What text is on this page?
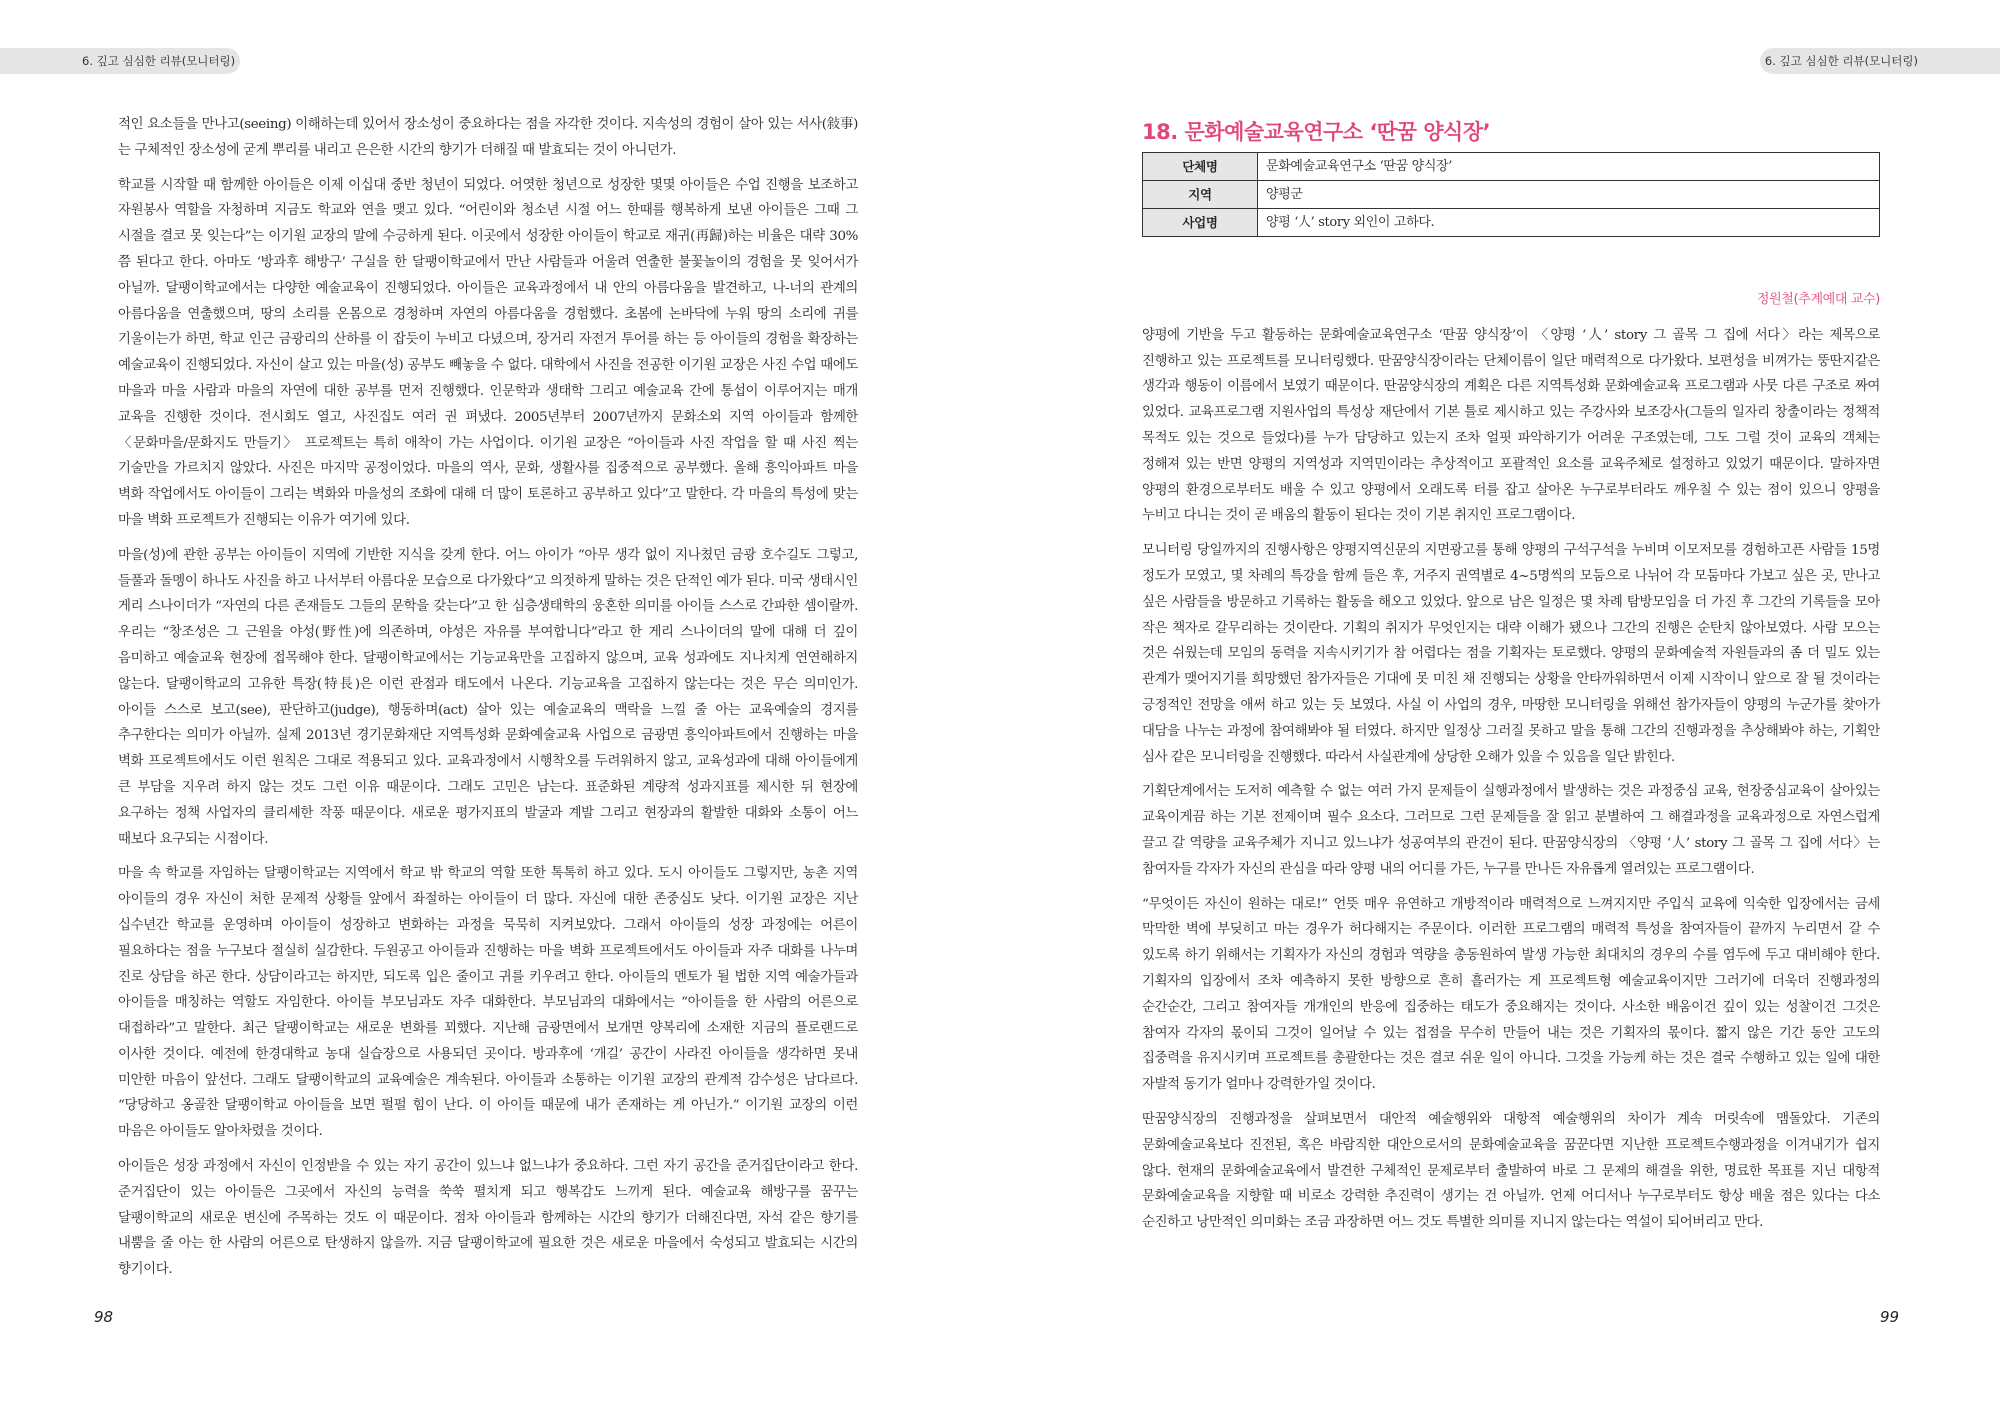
6. 깊고 심심한 리뷰(모니터링)	6. 깊고 심심한 리뷰(모니터링)

적인 요소들을 만나고(seeing) 이해하는데 있어서 장소성이 중요하다는 점을 자각한 것이다. 지속성의 경험이 살아 있는 서사(敍事)는 구체적인 장소성에 굳게 뿌리를 내리고 은은한 시간의 향기가 더해질 때 발효되는 것이 아니던가.

학교를 시작할 때 함께한 아이들은 이제 이십대 중반 청년이 되었다. 어엿한 청년으로 성장한 몇몇 아이들은 수업 진행을 보조하고 자원봉사 역할을 자청하며 지금도 학교와 연을 맺고 있다. “어린이와 청소년 시절 어느 한때를 행복하게 보낸 아이들은 그때 그 시절을 결코 못 잊는다”는 이기원 교장의 말에 수긍하게 된다. 이곳에서 성장한 아이들이 학교로 재귀(再歸)하는 비율은 대략 30%쯤 된다고 한다. 아마도 ‘방과후 해방구’ 구실을 한 달팽이학교에서 만난 사람들과 어울려 연출한 불꽃놀이의 경험을 못 잊어서가 아닐까. 달팽이학교에서는 다양한 예술교육이 진행되었다. 아이들은 교육과정에서 내 안의 아름다움을 발견하고, 나-너의 관계의 아름다움을 연출했으며, 땅의 소리를 온몸으로 경청하며 자연의 아름다움을 경험했다. 초봄에 논바닥에 누워 땅의 소리에 귀를 기울이는가 하면, 학교 인근 금광리의 산하를 이 잡듯이 누비고 다녔으며, 장거리 자전거 투어를 하는 등 아이들의 경험을 확장하는 예술교육이 진행되었다. 자신이 살고 있는 마을(성) 공부도 빼놓을 수 없다. 대학에서 사진을 전공한 이기원 교장은 사진 수업 때에도 마을과 마을 사람과 마을의 자연에 대한 공부를 먼저 진행했다. 인문학과 생태학 그리고 예술교육 간에 통섭이 이루어지는 매개 교육을 진행한 것이다. 전시회도 열고, 사진집도 여러 권 펴냈다. 2005년부터 2007년까지 문화소외 지역 아이들과 함께한 〈문화마을/문화지도 만들기〉 프로젝트는 특히 애착이 가는 사업이다. 이기원 교장은 “아이들과 사진 작업을 할 때 사진 찍는 기술만을 가르치지 않았다. 사진은 마지막 공정이었다. 마을의 역사, 문화, 생활사를 집중적으로 공부했다. 올해 흥익아파트 마을 벽화 작업에서도 아이들이 그리는 벽화와 마을성의 조화에 대해 더 많이 토론하고 공부하고 있다”고 말한다. 각 마을의 특성에 맞는 마을 벽화 프로젝트가 진행되는 이유가 여기에 있다.

마을(성)에 관한 공부는 아이들이 지역에 기반한 지식을 갖게 한다. 어느 아이가 “아무 생각 없이 지나쳤던 금광 호수길도 그렇고, 들풀과 돌멩이 하나도 사진을 하고 나서부터 아름다운 모습으로 다가왔다”고 의젓하게 말하는 것은 단적인 예가 된다. 미국 생태시인 게리 스나이더가 “자연의 다른 존재들도 그들의 문학을 갖는다”고 한 심층생태학의 웅혼한 의미를 아이들 스스로 간파한 셈이랄까. 우리는 “창조성은 그 근원을 야성(野性)에 의존하며, 야성은 자유를 부여합니다”라고 한 게리 스나이더의 말에 대해 더 깊이 음미하고 예술교육 현장에 접목해야 한다. 달팽이학교에서는 기능교육만을 고집하지 않으며, 교육 성과에도 지나치게 연연해하지 않는다. 달팽이학교의 고유한 특장(特長)은 이런 관점과 태도에서 나온다. 기능교육을 고집하지 않는다는 것은 무슨 의미인가. 아이들 스스로 보고(see), 판단하고(judge), 행동하며(act) 살아 있는 예술교육의 맥락을 느낄 줄 아는 교육예술의 경지를 추구한다는 의미가 아닐까. 실제 2013년 경기문화재단 지역특성화 문화예술교육 사업으로 금광면 흥익아파트에서 진행하는 마을 벽화 프로젝트에서도 이런 원칙은 그대로 적용되고 있다. 교육과정에서 시행착오를 두려워하지 않고, 교육성과에 대해 아이들에게 큰 부담을 지우려 하지 않는 것도 그런 이유 때문이다. 그래도 고민은 남는다. 표준화된 계량적 성과지표를 제시한 뒤 현장에 요구하는 정책 사업자의 클리셰한 작풍 때문이다. 새로운 평가지표의 발굴과 계발 그리고 현장과의 활발한 대화와 소통이 어느 때보다 요구되는 시점이다.

마을 속 학교를 자임하는 달팽이학교는 지역에서 학교 밖 학교의 역할 또한 톡톡히 하고 있다. 도시 아이들도 그렇지만, 농촌 지역 아이들의 경우 자신이 처한 문제적 상황들 앞에서 좌절하는 아이들이 더 많다. 자신에 대한 존중심도 낮다. 이기원 교장은 지난 십수년간 학교를 운영하며 아이들이 성장하고 변화하는 과정을 묵묵히 지켜보았다. 그래서 아이들의 성장 과정에는 어른이 필요하다는 점을 누구보다 절실히 실감한다. 두원공고 아이들과 진행하는 마을 벽화 프로젝트에서도 아이들과 자주 대화를 나누며 진로 상담을 하곤 한다. 상담이라고는 하지만, 되도록 입은 줄이고 귀를 키우려고 한다. 아이들의 멘토가 될 법한 지역 예술가들과 아이들을 매칭하는 역할도 자임한다. 아이들 부모님과도 자주 대화한다. 부모님과의 대화에서는 “아이들을 한 사람의 어른으로 대접하라”고 말한다. 최근 달팽이학교는 새로운 변화를 꾀했다. 지난해 금광면에서 보개면 양복리에 소재한 지금의 플로랜드로 이사한 것이다. 예전에 한경대학교 농대 실습장으로 사용되던 곳이다. 방과후에 ‘개길’ 공간이 사라진 아이들을 생각하면 못내 미안한 마음이 앞선다. 그래도 달팽이학교의 교육예술은 계속된다. 아이들과 소통하는 이기원 교장의 관계적 감수성은 남다르다. “당당하고 옹골찬 달팽이학교 아이들을 보면 펄펄 힘이 난다. 이 아이들 때문에 내가 존재하는 게 아닌가.” 이기원 교장의 이런 마음은 아이들도 알아차렸을 것이다.

아이들은 성장 과정에서 자신이 인정받을 수 있는 자기 공간이 있느냐 없느냐가 중요하다. 그런 자기 공간을 준거집단이라고 한다. 준거집단이 있는 아이들은 그곳에서 자신의 능력을 쑥쑥 펼치게 되고 행복감도 느끼게 된다. 예술교육 해방구를 꿈꾸는 달팽이학교의 새로운 변신에 주목하는 것도 이 때문이다. 점차 아이들과 함께하는 시간의 향기가 더해진다면, 자석 같은 향기를 내뿜을 줄 아는 한 사람의 어른으로 탄생하지 않을까. 지금 달팽이학교에 필요한 것은 새로운 마을에서 숙성되고 발효되는 시간의 향기이다.

18. 문화예술교육연구소 ‘딴꿈 양식장’
단체명	문화예술교육연구소 ‘딴꿈 양식장’
지역	양평군
사업명	양평 ‘人’ story 외인이 고하다.
정원철(추계예대 교수)

양평에 기반을 두고 활동하는 문화예술교육연구소 ‘딴꿈 양식장’이 〈양평 ‘人’ story 그 골목 그 집에 서다〉라는 제목으로 진행하고 있는 프로젝트를 모니터링했다. 딴꿈양식장이라는 단체이름이 일단 매력적으로 다가왔다. 보편성을 비껴가는 뚱딴지같은 생각과 행동이 이름에서 보였기 때문이다. 딴꿈양식장의 계획은 다른 지역특성화 문화예술교육 프로그램과 사뭇 다른 구조로 짜여 있었다. 교육프로그램 지원사업의 특성상 재단에서 기본 틀로 제시하고 있는 주강사와 보조강사(그들의 일자리 창출이라는 정책적 목적도 있는 것으로 들었다)를 누가 담당하고 있는지 조차 얼핏 파악하기가 어려운 구조였는데, 그도 그럴 것이 교육의 객체는 정해져 있는 반면 양평의 지역성과 지역민이라는 추상적이고 포괄적인 요소를 교육주체로 설정하고 있었기 때문이다. 말하자면 양평의 환경으로부터도 배울 수 있고 양평에서 오래도록 터를 잡고 살아온 누구로부터라도 깨우칠 수 있는 점이 있으니 양평을 누비고 다니는 것이 곧 배움의 활동이 된다는 것이 기본 취지인 프로그램이다.

모니터링 당일까지의 진행사항은 양평지역신문의 지면광고를 통해 양평의 구석구석을 누비며 이모저모를 경험하고픈 사람들 15명 정도가 모였고, 몇 차례의 특강을 함께 들은 후, 거주지 권역별로 4~5명씩의 모둠으로 나뉘어 각 모둠마다 가보고 싶은 곳, 만나고 싶은 사람들을 방문하고 기록하는 활동을 해오고 있었다. 앞으로 남은 일정은 몇 차례 탐방모임을 더 가진 후 그간의 기록들을 모아 작은 책자로 갈무리하는 것이란다. 기획의 취지가 무엇인지는 대략 이해가 됐으나 그간의 진행은 순탄치 않아보였다. 사람 모으는 것은 쉬웠는데 모임의 동력을 지속시키기가 참 어렵다는 점을 기획자는 토로했다. 양평의 문화예술적 자원들과의 좀 더 밀도 있는 관계가 맺어지기를 희망했던 참가자들은 기대에 못 미친 채 진행되는 상황을 안타까워하면서 이제 시작이니 앞으로 잘 될 것이라는 긍정적인 전망을 애써 하고 있는 듯 보였다. 사실 이 사업의 경우, 마땅한 모니터링을 위해선 참가자들이 양평의 누군가를 찾아가 대담을 나누는 과정에 참여해봐야 될 터였다. 하지만 일정상 그러질 못하고 말을 통해 그간의 진행과정을 추상해봐야 하는, 기획안 심사 같은 모니터링을 진행했다. 따라서 사실관계에 상당한 오해가 있을 수 있음을 일단 밝힌다.

기획단계에서는 도저히 예측할 수 없는 여러 가지 문제들이 실행과정에서 발생하는 것은 과정중심 교육, 현장중심교육이 살아있는 교육이게끔 하는 기본 전제이며 필수 요소다. 그러므로 그런 문제들을 잘 읽고 분별하여 그 해결과정을 교육과정으로 자연스럽게 끌고 갈 역량을 교육주체가 지니고 있느냐가 성공여부의 관건이 된다. 딴꿈양식장의 〈양평 ‘人’ story 그 골목 그 집에 서다〉는 참여자들 각자가 자신의 관심을 따라 양평 내의 어디를 가든, 누구를 만나든 자유롭게 열려있는 프로그램이다.

“무엇이든 자신이 원하는 대로!” 언뜻 매우 유연하고 개방적이라 매력적으로 느껴지지만 주입식 교육에 익숙한 입장에서는 금세 막막한 벽에 부딪히고 마는 경우가 허다해지는 주문이다. 이러한 프로그램의 매력적 특성을 참여자들이 끝까지 누리면서 갈 수 있도록 하기 위해서는 기획자가 자신의 경험과 역량을 총동원하여 발생 가능한 최대치의 경우의 수를 염두에 두고 대비해야 한다. 기획자의 입장에서 조차 예측하지 못한 방향으로 흔히 흘러가는 게 프로젝트형 예술교육이지만 그러기에 더욱더 진행과정의 순간순간, 그리고 참여자들 개개인의 반응에 집중하는 태도가 중요해지는 것이다. 사소한 배움이건 깊이 있는 성찰이건 그것은 참여자 각자의 몫이되 그것이 일어날 수 있는 접점을 무수히 만들어 내는 것은 기획자의 몫이다. 짧지 않은 기간 동안 고도의 집중력을 유지시키며 프로젝트를 총괄한다는 것은 결코 쉬운 일이 아니다. 그것을 가능케 하는 것은 결국 수행하고 있는 일에 대한 자발적 동기가 얼마나 강력한가일 것이다.

딴꿈양식장의 진행과정을 살펴보면서 대안적 예술행위와 대항적 예술행위의 차이가 계속 머릿속에 맴돌았다. 기존의 문화예술교육보다 진전된, 혹은 바람직한 대안으로서의 문화예술교육을 꿈꾼다면 지난한 프로젝트수행과정을 이겨내기가 쉽지 않다. 현재의 문화예술교육에서 발견한 구체적인 문제로부터 출발하여 바로 그 문제의 해결을 위한, 명료한 목표를 지닌 대항적 문화예술교육을 지향할 때 비로소 강력한 추진력이 생기는 건 아닐까. 언제 어디서나 누구로부터도 항상 배울 점은 있다는 다소 순진하고 낭만적인 의미화는 조금 과장하면 어느 것도 특별한 의미를 지니지 않는다는 역설이 되어버리고 만다.

98	99
